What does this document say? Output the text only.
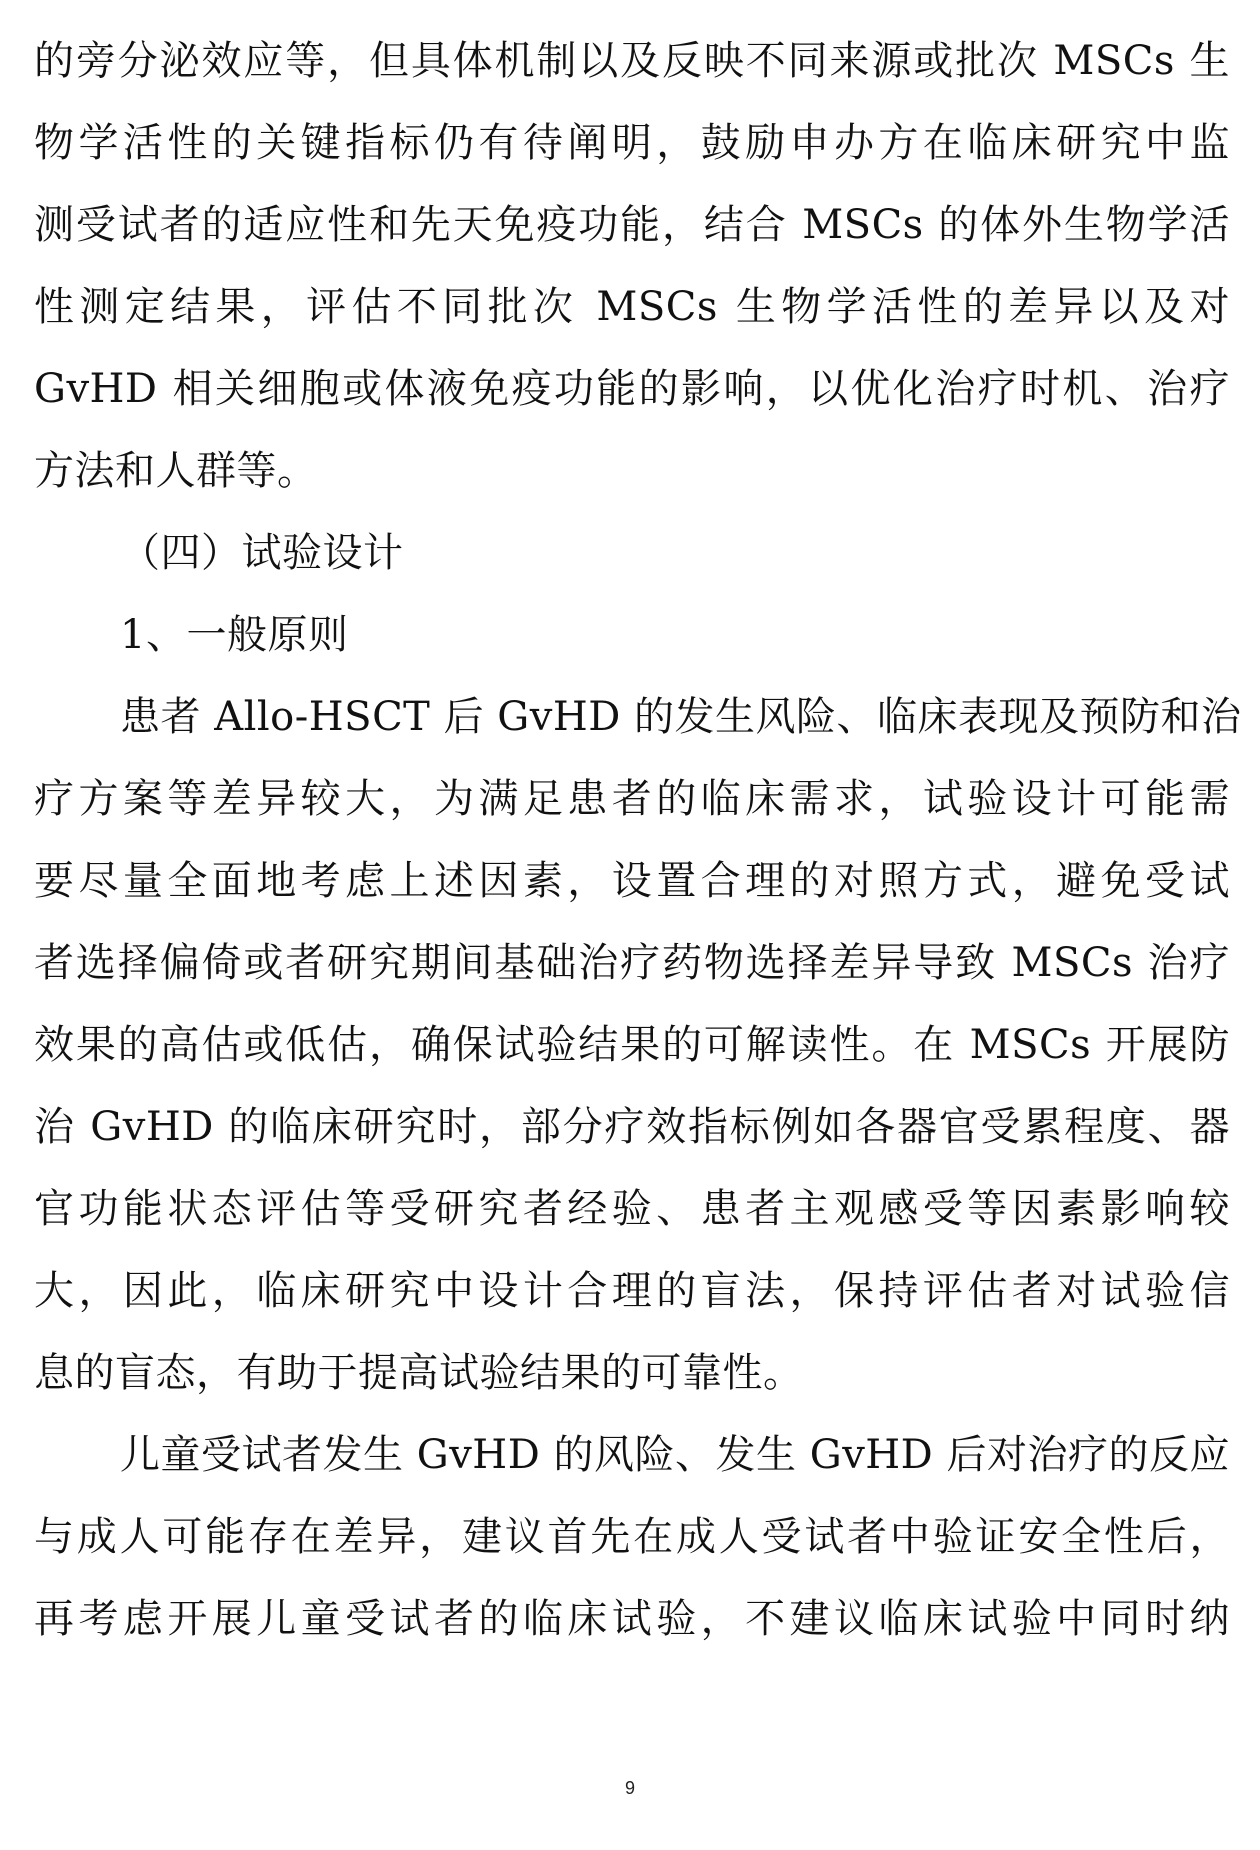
的旁分泌效应等，但具体机制以及反映不同来源或批次 MSCs 生
物学活性的关键指标仍有待阐明，鼓励申办方在临床研究中监
测受试者的适应性和先天免疫功能，结合 MSCs 的体外生物学活
性测定结果，评估不同批次 MSCs 生物学活性的差异以及对
GvHD 相关细胞或体液免疫功能的影响，以优化治疗时机、治疗
方法和人群等。
（四）试验设计
1、一般原则
患者 Allo-HSCT 后 GvHD 的发生风险、临床表现及预防和治
疗方案等差异较大，为满足患者的临床需求，试验设计可能需
要尽量全面地考虑上述因素，设置合理的对照方式，避免受试
者选择偏倚或者研究期间基础治疗药物选择差异导致 MSCs 治疗
效果的高估或低估，确保试验结果的可解读性。在 MSCs 开展防
治 GvHD 的临床研究时，部分疗效指标例如各器官受累程度、器
官功能状态评估等受研究者经验、患者主观感受等因素影响较
大，因此，临床研究中设计合理的盲法，保持评估者对试验信
息的盲态，有助于提高试验结果的可靠性。
儿童受试者发生 GvHD 的风险、发生 GvHD 后对治疗的反应
与成人可能存在差异，建议首先在成人受试者中验证安全性后，
再考虑开展儿童受试者的临床试验，不建议临床试验中同时纳
9
